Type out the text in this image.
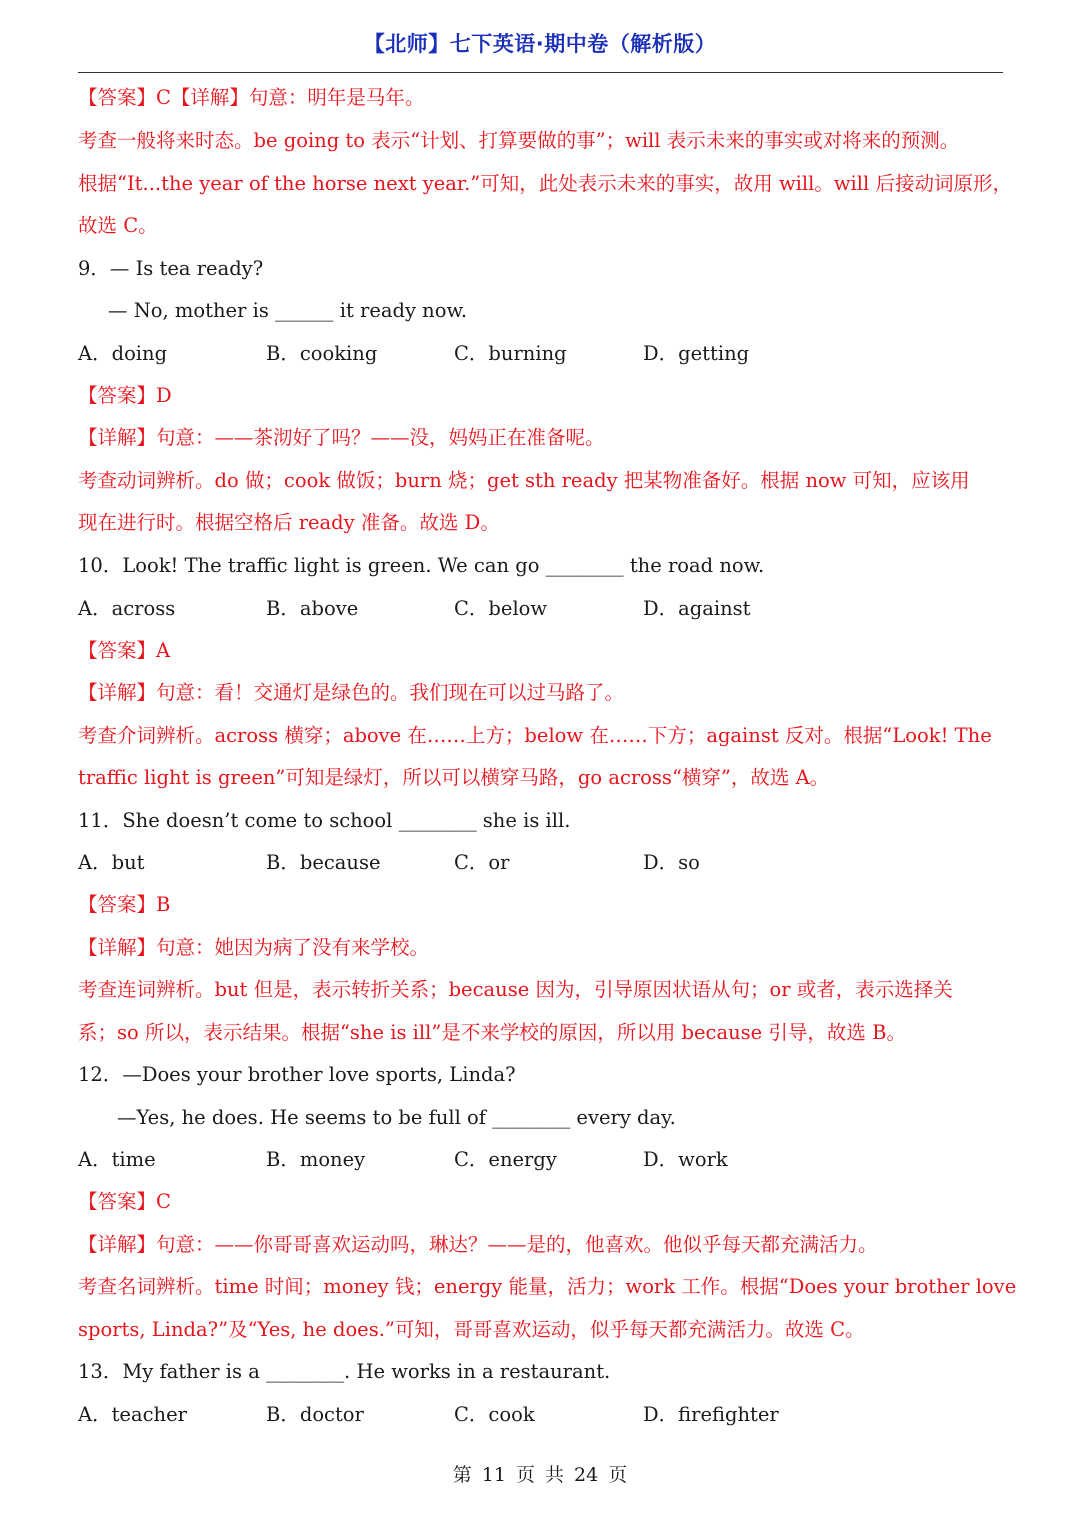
【北师】七下英语·期中卷（解析版）
【答案】C【详解】句意：明年是马年。
考查一般将来时态。be going to 表示“计划、打算要做的事”；will 表示未来的事实或对将来的预测。
根据“It...the year of the horse next year.”可知，此处表示未来的事实，故用 will。will 后接动词原形，
故选 C。
9．— Is tea ready?
— No, mother is ______ it ready now.
A．doing	B．cooking	C．burning	D．getting
【答案】D
【详解】句意：——茶沏好了吗？——没，妈妈正在准备呢。
考查动词辨析。do 做；cook 做饭；burn 烧；get sth ready 把某物准备好。根据 now 可知，应该用
现在进行时。根据空格后 ready 准备。故选 D。
10．Look! The traffic light is green. We can go ________ the road now.
A．across	B．above	C．below	D．against
【答案】A
【详解】句意：看！交通灯是绿色的。我们现在可以过马路了。
考查介词辨析。across 横穿；above 在……上方；below 在……下方；against 反对。根据“Look! The
traffic light is green”可知是绿灯，所以可以横穿马路，go across“横穿”，故选 A。
11．She doesn’t come to school ________ she is ill.
A．but	B．because	C．or	D．so
【答案】B
【详解】句意：她因为病了没有来学校。
考查连词辨析。but 但是，表示转折关系；because 因为，引导原因状语从句；or 或者，表示选择关
系；so 所以，表示结果。根据“she is ill”是不来学校的原因，所以用 because 引导，故选 B。
12．—Does your brother love sports, Linda?
—Yes, he does. He seems to be full of ________ every day.
A．time	B．money	C．energy	D．work
【答案】C
【详解】句意：——你哥哥喜欢运动吗，琳达？——是的，他喜欢。他似乎每天都充满活力。
考查名词辨析。time 时间；money 钱；energy 能量，活力；work 工作。根据“Does your brother love
sports, Linda?”及“Yes, he does.”可知，哥哥喜欢运动，似乎每天都充满活力。故选 C。
13．My father is a ________. He works in a restaurant.
A．teacher	B．doctor	C．cook	D．firefighter
第 11 页 共 24 页
